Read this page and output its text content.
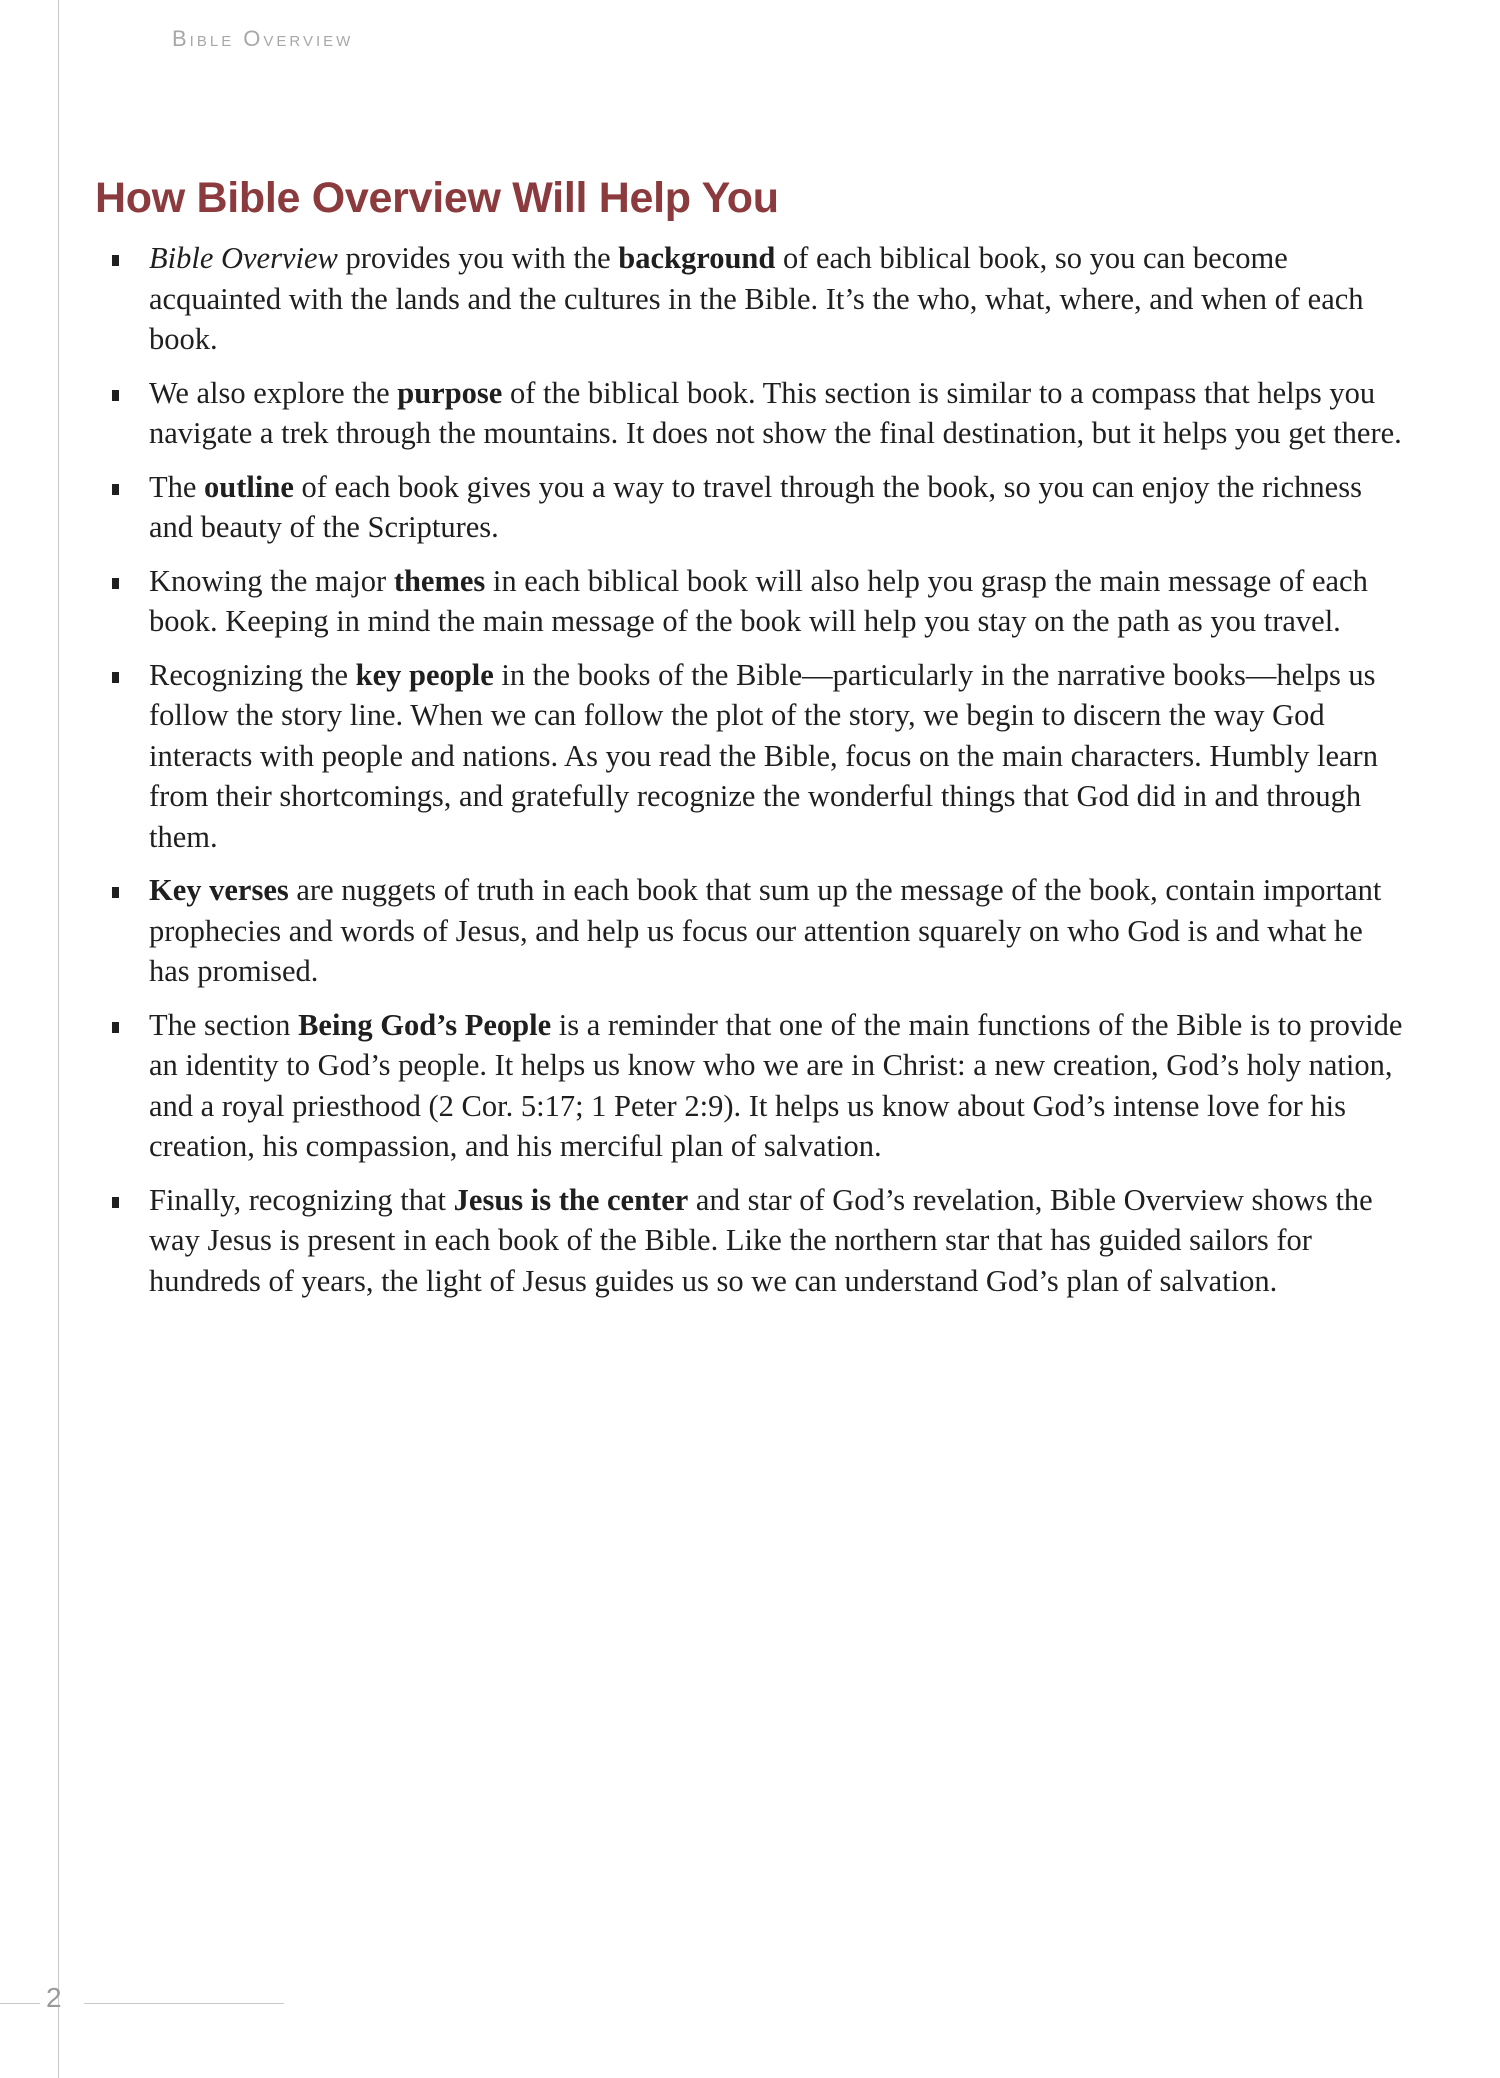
Bible Overview
How Bible Overview Will Help You
Bible Overview provides you with the background of each biblical book, so you can become acquainted with the lands and the cultures in the Bible. It’s the who, what, where, and when of each book.
We also explore the purpose of the biblical book. This section is similar to a compass that helps you navigate a trek through the mountains. It does not show the final destination, but it helps you get there.
The outline of each book gives you a way to travel through the book, so you can enjoy the richness and beauty of the Scriptures.
Knowing the major themes in each biblical book will also help you grasp the main message of each book. Keeping in mind the main message of the book will help you stay on the path as you travel.
Recognizing the key people in the books of the Bible—particularly in the narrative books—helps us follow the story line. When we can follow the plot of the story, we begin to discern the way God interacts with people and nations. As you read the Bible, focus on the main characters. Humbly learn from their shortcomings, and gratefully recognize the wonderful things that God did in and through them.
Key verses are nuggets of truth in each book that sum up the message of the book, contain important prophecies and words of Jesus, and help us focus our attention squarely on who God is and what he has promised.
The section Being God’s People is a reminder that one of the main functions of the Bible is to provide an identity to God’s people. It helps us know who we are in Christ: a new creation, God’s holy nation, and a royal priesthood (2 Cor. 5:17; 1 Peter 2:9). It helps us know about God’s intense love for his creation, his compassion, and his merciful plan of salvation.
Finally, recognizing that Jesus is the center and star of God’s revelation, Bible Overview shows the way Jesus is present in each book of the Bible. Like the northern star that has guided sailors for hundreds of years, the light of Jesus guides us so we can understand God’s plan of salvation.
2
